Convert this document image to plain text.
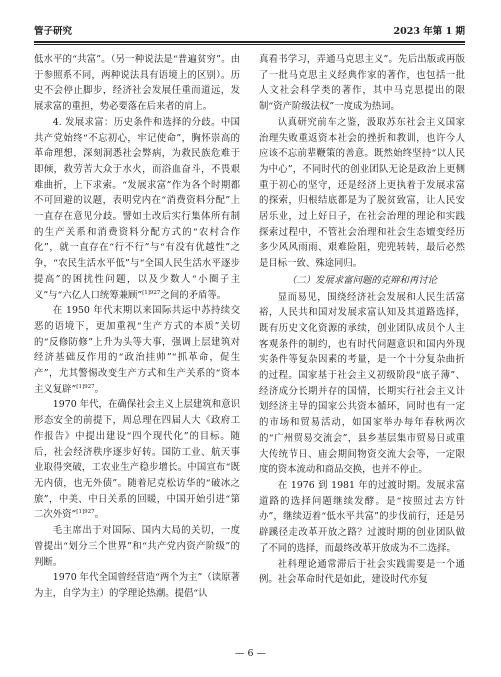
管子研究	2023 年第 1 期

低水平的“共富”。（另一种说法是“普遍贫穷”。由于参照系不同，两种说法具有语境上的区别）。历史不会停止脚步，经济社会发展任重而道远，发展求富的重担，势必要落在后来者的肩上。

4. 发展求富：历史条件和选择的分歧。中国共产党始终“不忘初心，牢记使命”，胸怀崇高的革命理想，深刻洞悉社会弊病，为救民族危难于即倾，救劳苦大众于水火，而浴血奋斗，不畏艰难曲折，上下求索。“发展求富”作为各个时期都不可回避的议题，表明党内在“消费资料分配”上一直存在意见分歧。譬如土改后实行集体所有制的生产关系和消费资料分配方式的“农村合作化”，就一直存在“行不行”与“有没有优越性”之争，“农民生活水平低”与“全国人民生活水平逐步提高”的困扰性问题，以及少数人“小圈子主义”与“六亿人口统筹兼顾”$^{[1]927}$之间的矛盾等。

在 1950 年代末期以来国际共运中苏持续交恶的语境下，更加重视“生产方式的本质”关切的“反修防修”上升为头等大事，强调上层建筑对经济基础反作用的“政治挂帅”“抓革命，促生产”，尤其警惕改变生产方式和生产关系的“资本主义复辟”$^{[1]927}$。

1970 年代，在确保社会主义上层建筑和意识形态安全的前提下，周总理在四届人大《政府工作报告》中提出建设“四个现代化”的目标。随后，社会经济秩序逐步好转。国防工业、航天事业取得突破，工农业生产稳步增长。中国宣布“既无内债，也无外债”。随着尼克松访华的“破冰之旅”，中美、中日关系的回暖，中国开始引进“第二次外资”$^{[1]927}$。

毛主席出于对国际、国内大局的关切，一度曾提出“划分三个世界”和“共产党内资产阶级”的判断。

1970 年代全国曾经营造“两个为主”（读原著为主，自学为主）的学理论热潮。提倡“认

真看书学习，弄通马克思主义”。先后出版或再版了一批马克思主义经典作家的著作，也包括一批人文社会科学类的著作，其中马克思提出的限制“资产阶级法权”一度成为热词。

认真研究前车之鉴，汲取苏东社会主义国家治理失败重返资本社会的挫折和教训，也许今人应该不忘前辈鞭策的善意。既然始终坚持“以人民为中心”，不同时代的创业团队无论是政治上更侧重于初心的坚守，还是经济上更执着于发展求富的探索，归根结底都是为了脱贫致富，让人民安居乐业，过上好日子，在社会治理的理论和实践探索过程中，不管社会治理和社会生态嬗变经历多少风风雨雨、艰难险阻，兜兜转转，最后必然是目标一致、殊途同归。

（二）发展求富问题的克辩和再讨论

显而易见，围绕经济社会发展和人民生活富裕，人民共和国对发展求富认知及其道路选择，既有历史文化资源的承续，创业团队成员个人主客观条件的制约，也有时代问题意识和国内外现实条件等复杂因素的考量，是一个十分复杂曲折的过程。国家基于社会主义初级阶段“底子薄”、经济成分长期并存的国情，长期实行社会主义计划经济主导的国家公共资本循环，同时也有一定的市场和贸易活动，如国家举办每年春秋两次的“广州贸易交流会”，县乡基层集市贸易日或重大传统节日、庙会期间物资交流大会等，一定限度的资本流动和商品交换，也并不停止。

在 1976 到 1981 年的过渡时期。发展求富道路的选择问题继续发酵。是“按照过去方针办”，继续迈着“低水平共富”的步伐前行，还是另辟蹊径走改革开放之路？过渡时期的创业团队做了不同的选择，而最终改革开放成为不二选择。

社科理论通常滞后于社会实践需要是一个通例。社会革命时代是如此，建设时代亦复

— 6 —
